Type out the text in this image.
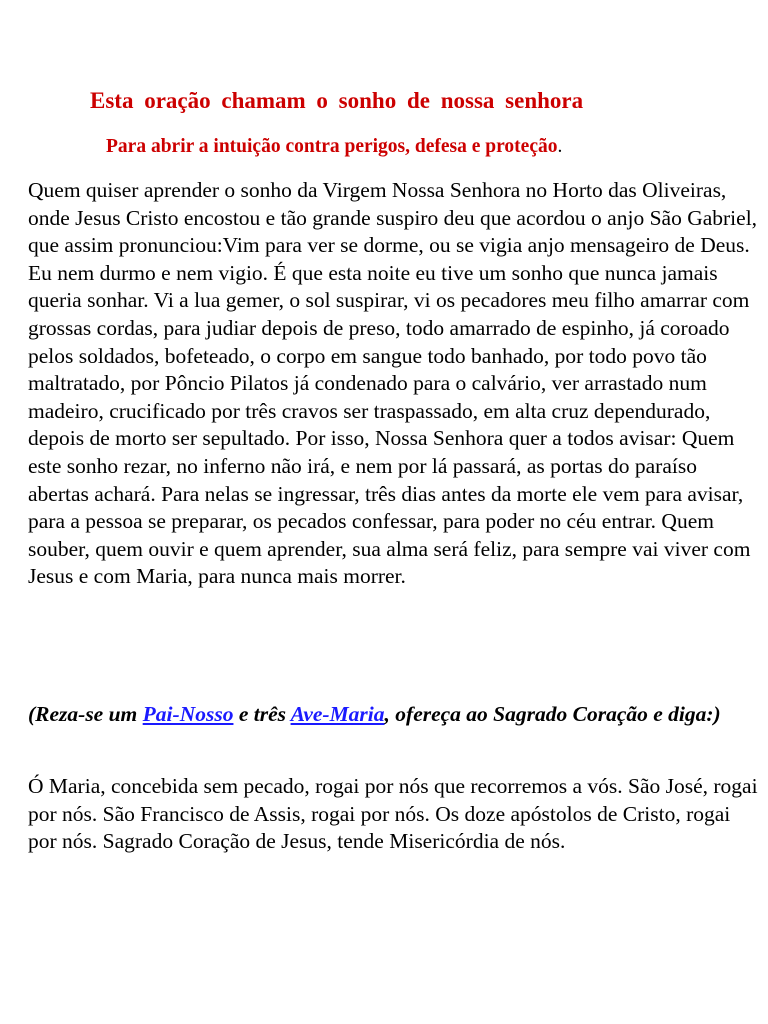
Esta oração chamam o sonho de nossa senhora

Para abrir a intuição contra perigos, defesa e proteção.

Quem quiser aprender o sonho da Virgem Nossa Senhora no Horto das Oliveiras, onde Jesus Cristo encostou e tão grande suspiro deu que acordou o anjo São Gabriel, que assim pronunciou:Vim para ver se dorme, ou se vigia anjo mensageiro de Deus. Eu nem durmo e nem vigio. É que esta noite eu tive um sonho que nunca jamais queria sonhar. Vi a lua gemer, o sol suspirar, vi os pecadores meu filho amarrar com grossas cordas, para judiar depois de preso, todo amarrado de espinho, já coroado pelos soldados, bofeteado, o corpo em sangue todo banhado, por todo povo tão maltratado, por Pôncio Pilatos já condenado para o calvário, ver arrastado num madeiro, crucificado por três cravos ser traspassado, em alta cruz dependurado, depois de morto ser sepultado. Por isso, Nossa Senhora quer a todos avisar: Quem este sonho rezar, no inferno não irá, e nem por lá passará, as portas do paraíso abertas achará. Para nelas se ingressar, três dias antes da morte ele vem para avisar, para a pessoa se preparar, os pecados confessar, para poder no céu entrar. Quem souber, quem ouvir e quem aprender, sua alma será feliz, para sempre vai viver com Jesus e com Maria, para nunca mais morrer.

(Reza-se um Pai-Nosso e três Ave-Maria, ofereça ao Sagrado Coração e diga:)

Ó Maria, concebida sem pecado, rogai por nós que recorremos a vós. São José, rogai por nós. São Francisco de Assis, rogai por nós. Os doze apóstolos de Cristo, rogai por nós. Sagrado Coração de Jesus, tende Misericórdia de nós.
